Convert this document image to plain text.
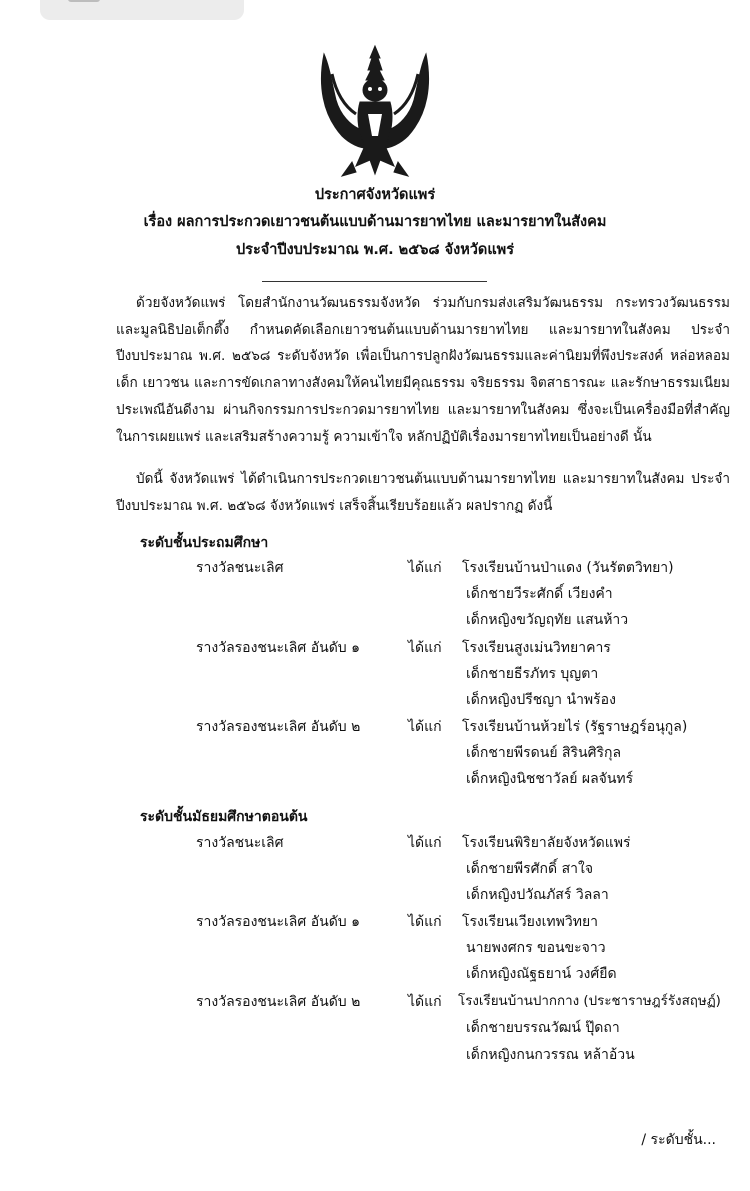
ประกาศจังหวัดแพร่
เรื่อง ผลการประกวดเยาวชนต้นแบบด้านมารยาทไทย และมารยาทในสังคม
ประจำปีงบประมาณ พ.ศ. ๒๕๖๘ จังหวัดแพร่

ด้วยจังหวัดแพร่ โดยสำนักงานวัฒนธรรมจังหวัด ร่วมกับกรมส่งเสริมวัฒนธรรม กระทรวงวัฒนธรรม และมูลนิธิปอเต็กตึ๊ง กำหนดคัดเลือกเยาวชนต้นแบบด้านมารยาทไทย และมารยาทในสังคม ประจำปีงบประมาณ พ.ศ. ๒๕๖๘ ระดับจังหวัด เพื่อเป็นการปลูกฝังวัฒนธรรมและค่านิยมที่พึงประสงค์ หล่อหลอมเด็ก เยาวชน และการขัดเกลาทางสังคมให้คนไทยมีคุณธรรม จริยธรรม จิตสาธารณะ และรักษาธรรมเนียมประเพณีอันดีงาม ผ่านกิจกรรมการประกวดมารยาทไทย และมารยาทในสังคม ซึ่งจะเป็นเครื่องมือที่สำคัญในการเผยแพร่ และเสริมสร้างความรู้ ความเข้าใจ หลักปฏิบัติเรื่องมารยาทไทยเป็นอย่างดี นั้น

บัดนี้ จังหวัดแพร่ ได้ดำเนินการประกวดเยาวชนต้นแบบด้านมารยาทไทย และมารยาทในสังคม ประจำปีงบประมาณ พ.ศ. ๒๕๖๘ จังหวัดแพร่ เสร็จสิ้นเรียบร้อยแล้ว ผลปรากฏ ดังนี้

ระดับชั้นประถมศึกษา
รางวัลชนะเลิศ	ได้แก่ โรงเรียนบ้านป่าแดง (วันรัตตวิทยา)
เด็กชายวีระศักดิ์ เวียงคำ
เด็กหญิงขวัญฤทัย แสนห้าว
รางวัลรองชนะเลิศ อันดับ ๑	ได้แก่ โรงเรียนสูงเม่นวิทยาคาร
เด็กชายธีรภัทร บุญตา
เด็กหญิงปรีชญา นำพร้อง
รางวัลรองชนะเลิศ อันดับ ๒	ได้แก่ โรงเรียนบ้านห้วยไร่ (รัฐราษฎร์อนุกูล)
เด็กชายพีรดนย์ สิรินศิริกุล
เด็กหญิงนิชชาวัลย์ ผลจันทร์
ระดับชั้นมัธยมศึกษาตอนต้น
รางวัลชนะเลิศ	ได้แก่ โรงเรียนพิริยาลัยจังหวัดแพร่
เด็กชายพีรศักดิ์ สาใจ
เด็กหญิงปวัณภัสร์ วิลลา
รางวัลรองชนะเลิศ อันดับ ๑	ได้แก่ โรงเรียนเวียงเทพวิทยา
นายพงศกร ขอนขะจาว
เด็กหญิงณัฐธยาน์ วงศ์ยืด
รางวัลรองชนะเลิศ อันดับ ๒	ได้แก่ โรงเรียนบ้านปากกาง (ประชาราษฎร์รังสฤษฏ์)
เด็กชายบรรณวัฒน์ ปุ๊ดถา
เด็กหญิงกนกวรรณ หล้าอ้วน
/ ระดับชั้น...
